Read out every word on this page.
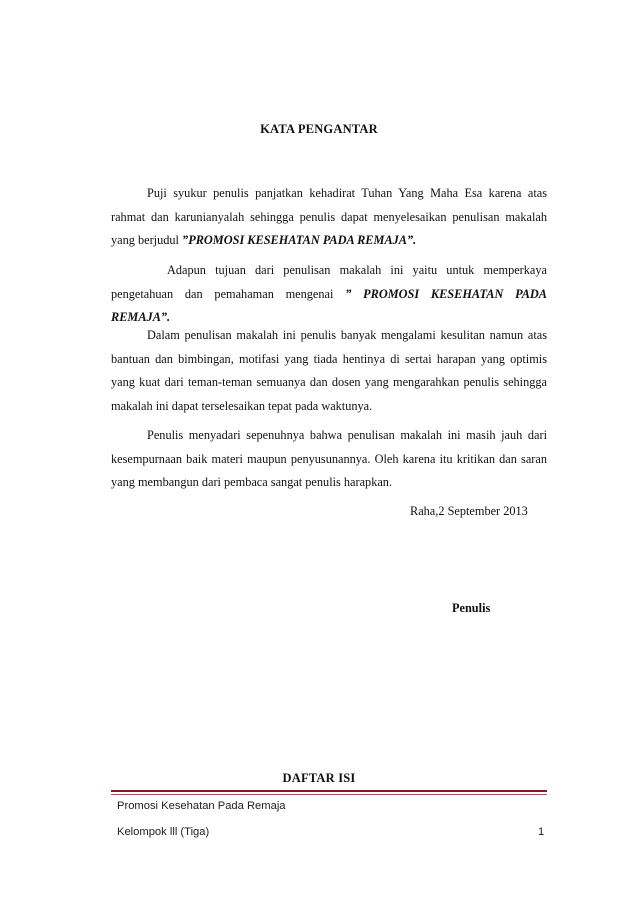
KATA PENGANTAR
Puji syukur penulis panjatkan kehadirat Tuhan Yang Maha Esa karena atas rahmat dan karunianyalah sehingga penulis dapat menyelesaikan penulisan makalah yang berjudul ”PROMOSI KESEHATAN PADA REMAJA”.
Adapun tujuan dari penulisan makalah ini yaitu untuk memperkaya pengetahuan dan pemahaman mengenai ” PROMOSI KESEHATAN PADA REMAJA”.
Dalam penulisan makalah ini penulis banyak mengalami kesulitan namun atas bantuan dan bimbingan, motifasi yang tiada hentinya di sertai harapan yang optimis yang kuat dari teman-teman semuanya dan dosen yang mengarahkan penulis sehingga makalah ini dapat terselesaikan tepat pada waktunya.
Penulis menyadari sepenuhnya bahwa penulisan makalah ini masih jauh dari kesempurnaan baik materi maupun penyusunannya. Oleh karena itu kritikan dan saran yang membangun dari pembaca sangat penulis harapkan.
Raha,2 September 2013
Penulis
DAFTAR ISI
Promosi Kesehatan Pada Remaja
Kelompok lll (Tiga)	1
